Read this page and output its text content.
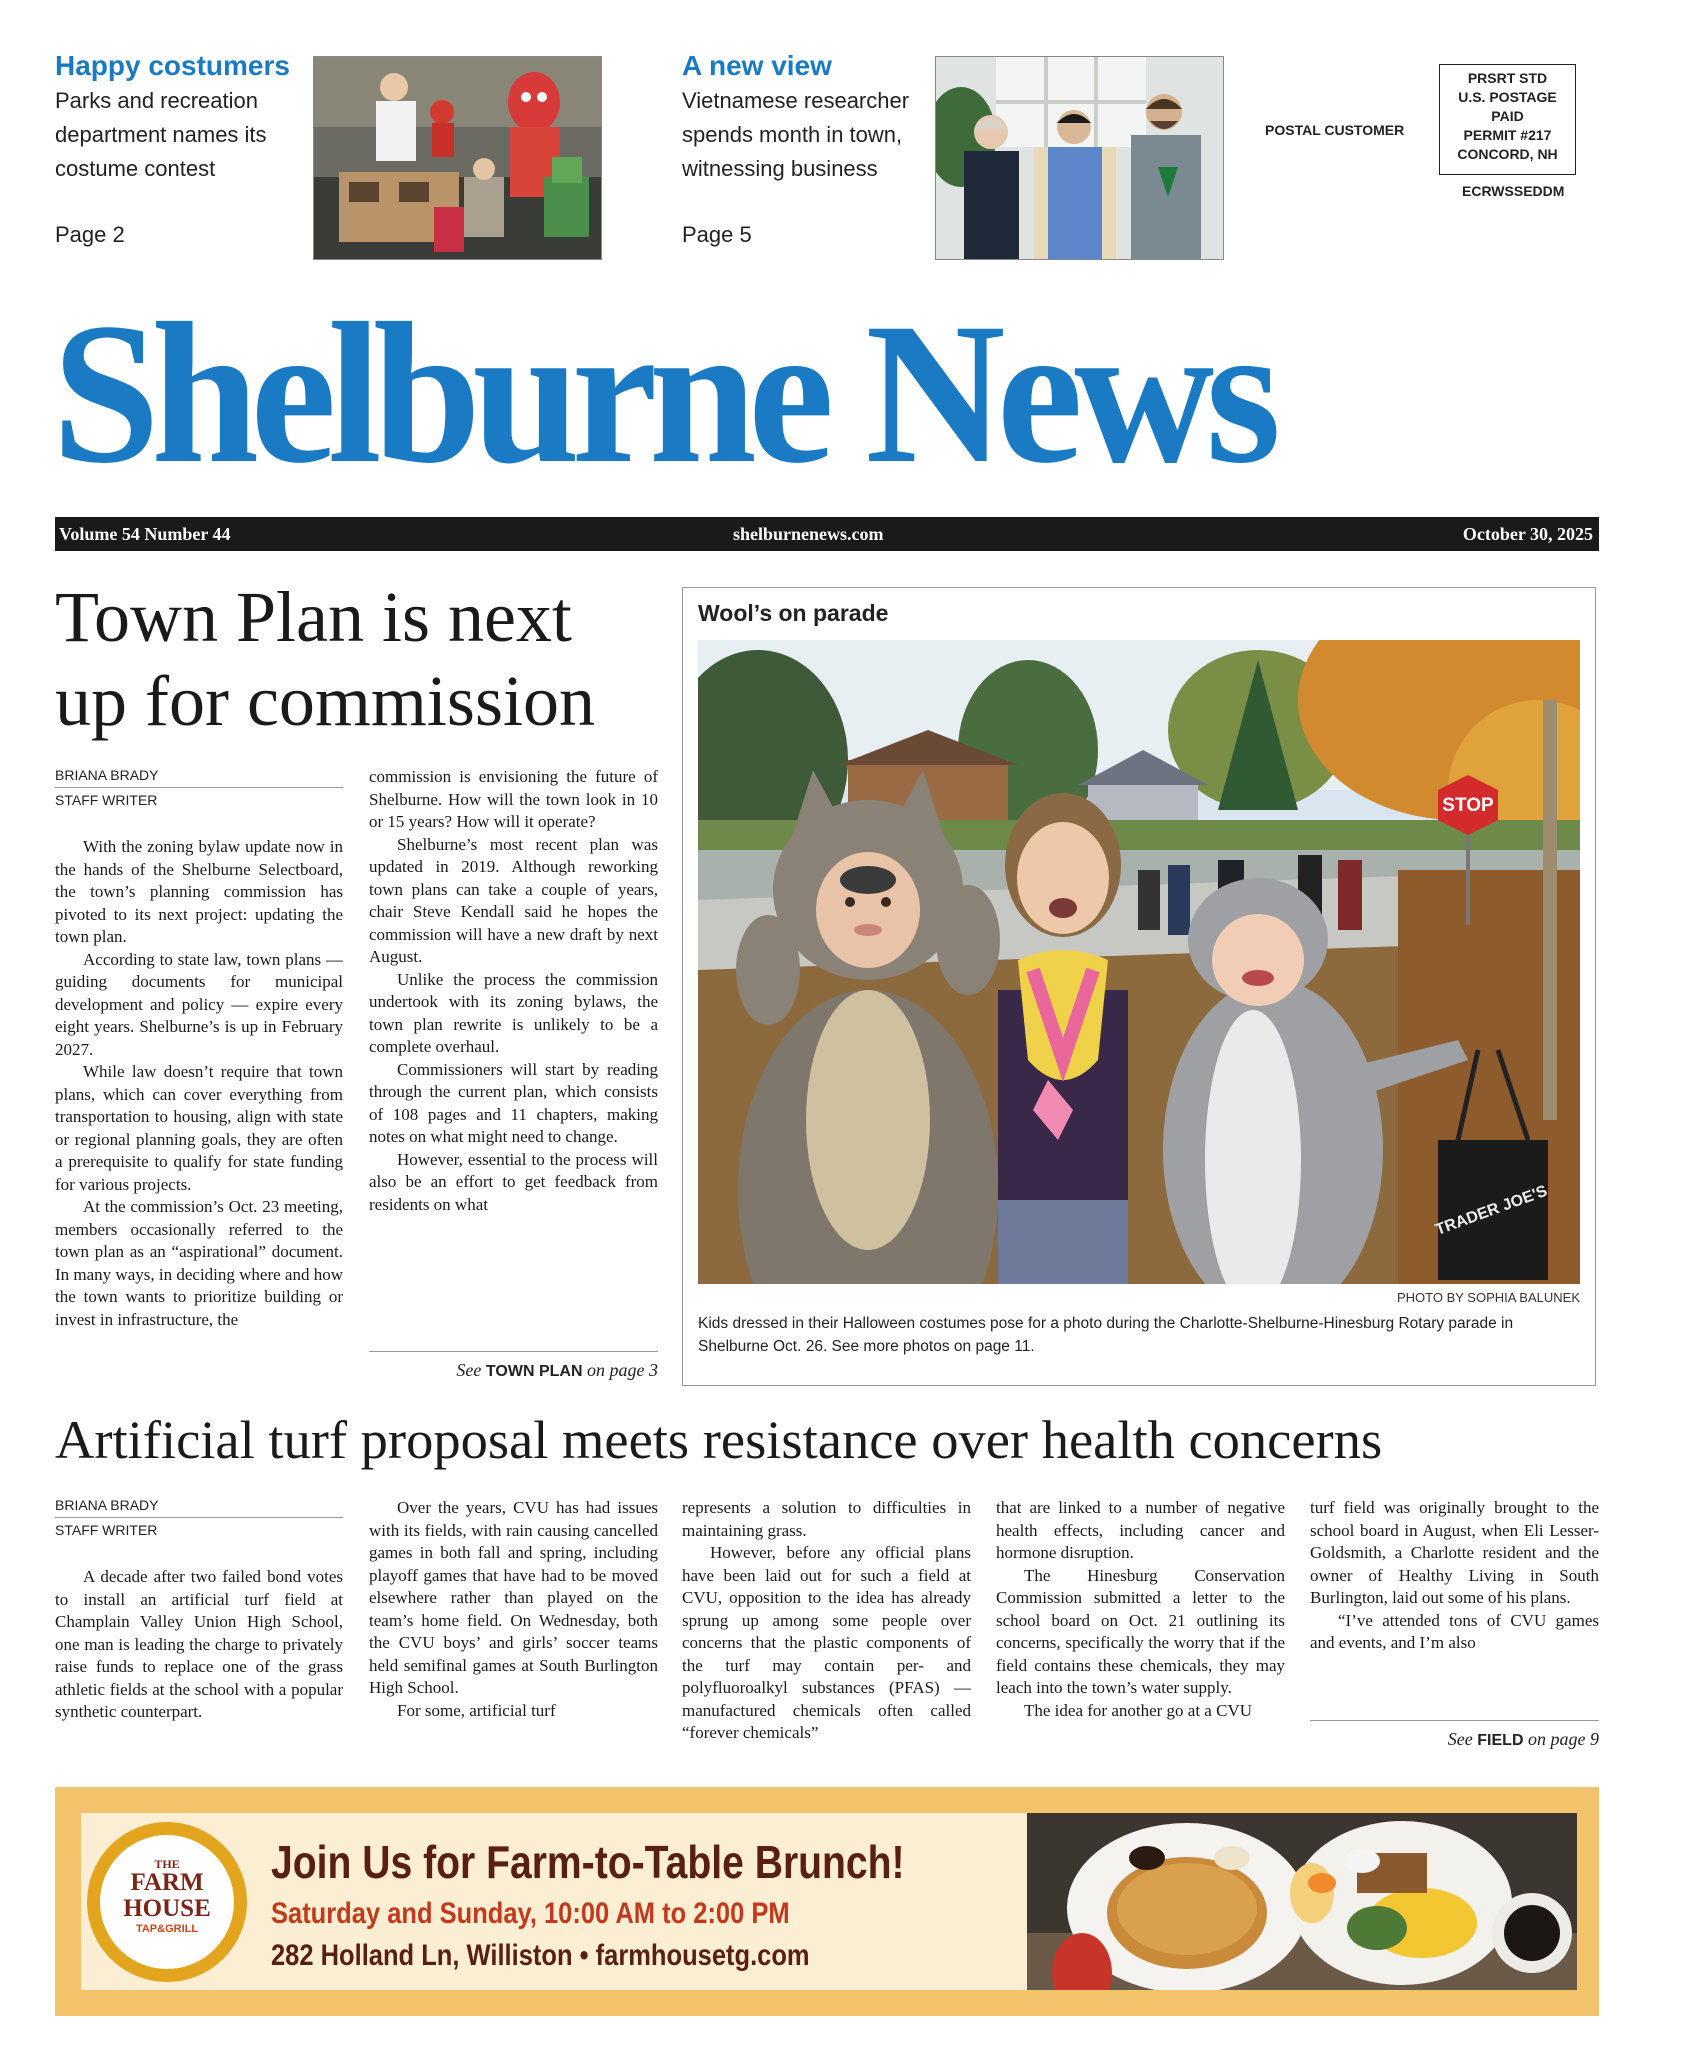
Happy costumers
Parks and recreation
department names its
costume contest
Page 2
A new view
Vietnamese researcher
spends month in town,
witnessing business
Page 5
POSTAL CUSTOMER
PRSRT STD
U.S. POSTAGE
PAID
PERMIT #217
CONCORD, NH
ECRWSSEDDM
Shelburne News
Volume 54 Number 44	shelburnenews.com	October 30, 2025
Town Plan is next
up for commission
BRIANA BRADY
STAFF WRITER

With the zoning bylaw update now in the hands of the Shelburne Selectboard, the town’s planning commission has pivoted to its next project: updating the town plan.

According to state law, town plans — guiding documents for municipal development and policy — expire every eight years. Shelburne’s is up in February 2027.

While law doesn’t require that town plans, which can cover everything from transportation to housing, align with state or regional planning goals, they are often a prerequisite to qualify for state funding for various projects.

At the commission’s Oct. 23 meeting, members occasionally referred to the town plan as an “aspirational” document. In many ways, in deciding where and how the town wants to prioritize building or invest in infrastructure, the

commission is envisioning the future of Shelburne. How will the town look in 10 or 15 years? How will it operate?

Shelburne’s most recent plan was updated in 2019. Although reworking town plans can take a couple of years, chair Steve Kendall said he hopes the commission will have a new draft by next August.

Unlike the process the commission undertook with its zoning bylaws, the town plan rewrite is unlikely to be a complete overhaul.

Commissioners will start by reading through the current plan, which consists of 108 pages and 11 chapters, making notes on what might need to change.

However, essential to the process will also be an effort to get feedback from residents on what

See TOWN PLAN on page 3
Wool’s on parade
STOP
TRADER JOE'S
PHOTO BY SOPHIA BALUNEK
Kids dressed in their Halloween costumes pose for a photo during the Charlotte-Shelburne-Hinesburg Rotary parade in Shelburne Oct. 26. See more photos on page 11.
Artificial turf proposal meets resistance over health concerns
BRIANA BRADY
STAFF WRITER

A decade after two failed bond votes to install an artificial turf field at Champlain Valley Union High School, one man is leading the charge to privately raise funds to replace one of the grass athletic fields at the school with a popular synthetic counterpart.

Over the years, CVU has had issues with its fields, with rain causing cancelled games in both fall and spring, including playoff games that have had to be moved elsewhere rather than played on the team’s home field. On Wednesday, both the CVU boys’ and girls’ soccer teams held semifinal games at South Burlington High School.

For some, artificial turf

represents a solution to difficulties in maintaining grass.

However, before any official plans have been laid out for such a field at CVU, opposition to the idea has already sprung up among some people over concerns that the plastic components of the turf may contain per- and polyfluoroalkyl substances (PFAS) — manufactured chemicals often called “forever chemicals”

that are linked to a number of negative health effects, including cancer and hormone disruption.

The Hinesburg Conservation Commission submitted a letter to the school board on Oct. 21 outlining its concerns, specifically the worry that if the field contains these chemicals, they may leach into the town’s water supply.

The idea for another go at a CVU

turf field was originally brought to the school board in August, when Eli Lesser-Goldsmith, a Charlotte resident and the owner of Healthy Living in South Burlington, laid out some of his plans.

“I’ve attended tons of CVU games and events, and I’m also

See FIELD on page 9
THE
FARM
HOUSE
TAP&GRILL
Join Us for Farm-to-Table Brunch!
Saturday and Sunday, 10:00 AM to 2:00 PM
282 Holland Ln, Williston • farmhousetg.com
